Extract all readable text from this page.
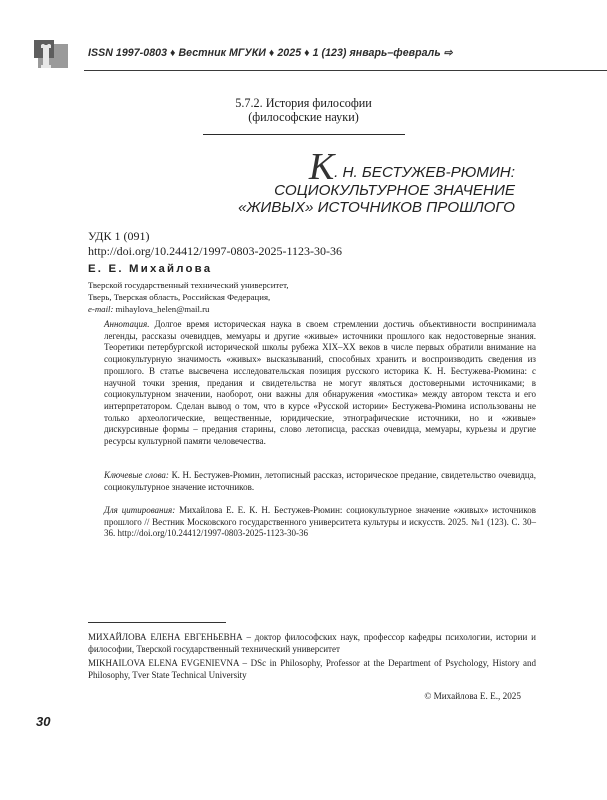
ISSN 1997-0803 ♦ Вестник МГУКИ ♦ 2025 ♦ 1 (123) январь–февраль ⇨
5.7.2. История философии
(философские науки)
К. Н. БЕСТУЖЕВ-РЮМИН:
СОЦИОКУЛЬТУРНОЕ ЗНАЧЕНИЕ
«ЖИВЫХ» ИСТОЧНИКОВ ПРОШЛОГО
УДК 1 (091)
http://doi.org/10.24412/1997-0803-2025-1123-30-36
Е. Е. Михайлова
Тверской государственный технический университет,
Тверь, Тверская область, Российская Федерация,
e-mail: mihaylova_helen@mail.ru
Аннотация. Долгое время историческая наука в своем стремлении достичь объективности воспринимала легенды, рассказы очевидцев, мемуары и другие «живые» источники прошлого как недостоверные знания. Теоретики петербургской исторической школы рубежа XIX–XX веков в числе первых обратили внимание на социокультурную значимость «живых» высказываний, способных хранить и воспроизводить сведения из прошлого. В статье высвечена исследовательская позиция русского историка К. Н. Бестужева-Рюмина: с научной точки зрения, предания и свидетельства не могут являться достоверными источниками; в социокультурном значении, наоборот, они важны для обнаружения «мостика» между автором текста и его интерпретатором. Сделан вывод о том, что в курсе «Русской истории» Бестужева-Рюмина использованы не только археологические, вещественные, юридические, этнографические источники, но и «живые» дискурсивные формы – предания старины, слово летописца, рассказ очевидца, мемуары, курьезы и другие ресурсы культурной памяти человечества.
Ключевые слова: К. Н. Бестужев-Рюмин, летописный рассказ, историческое предание, свидетельство очевидца, социокультурное значение источников.
Для цитирования: Михайлова Е. Е. К. Н. Бестужев-Рюмин: социокультурное значение «живых» источников прошлого // Вестник Московского государственного университета культуры и искусств. 2025. №1 (123). С. 30–36. http://doi.org/10.24412/1997-0803-2025-1123-30-36
МИХАЙЛОВА ЕЛЕНА ЕВГЕНЬЕВНА – доктор философских наук, профессор кафедры психологии, истории и философии, Тверской государственный технический университет
MIKHAILOVA ELENA EVGENIEVNA – DSc in Philosophy, Professor at the Department of Psychology, History and Philosophy, Tver State Technical University
© Михайлова Е. Е., 2025
30
